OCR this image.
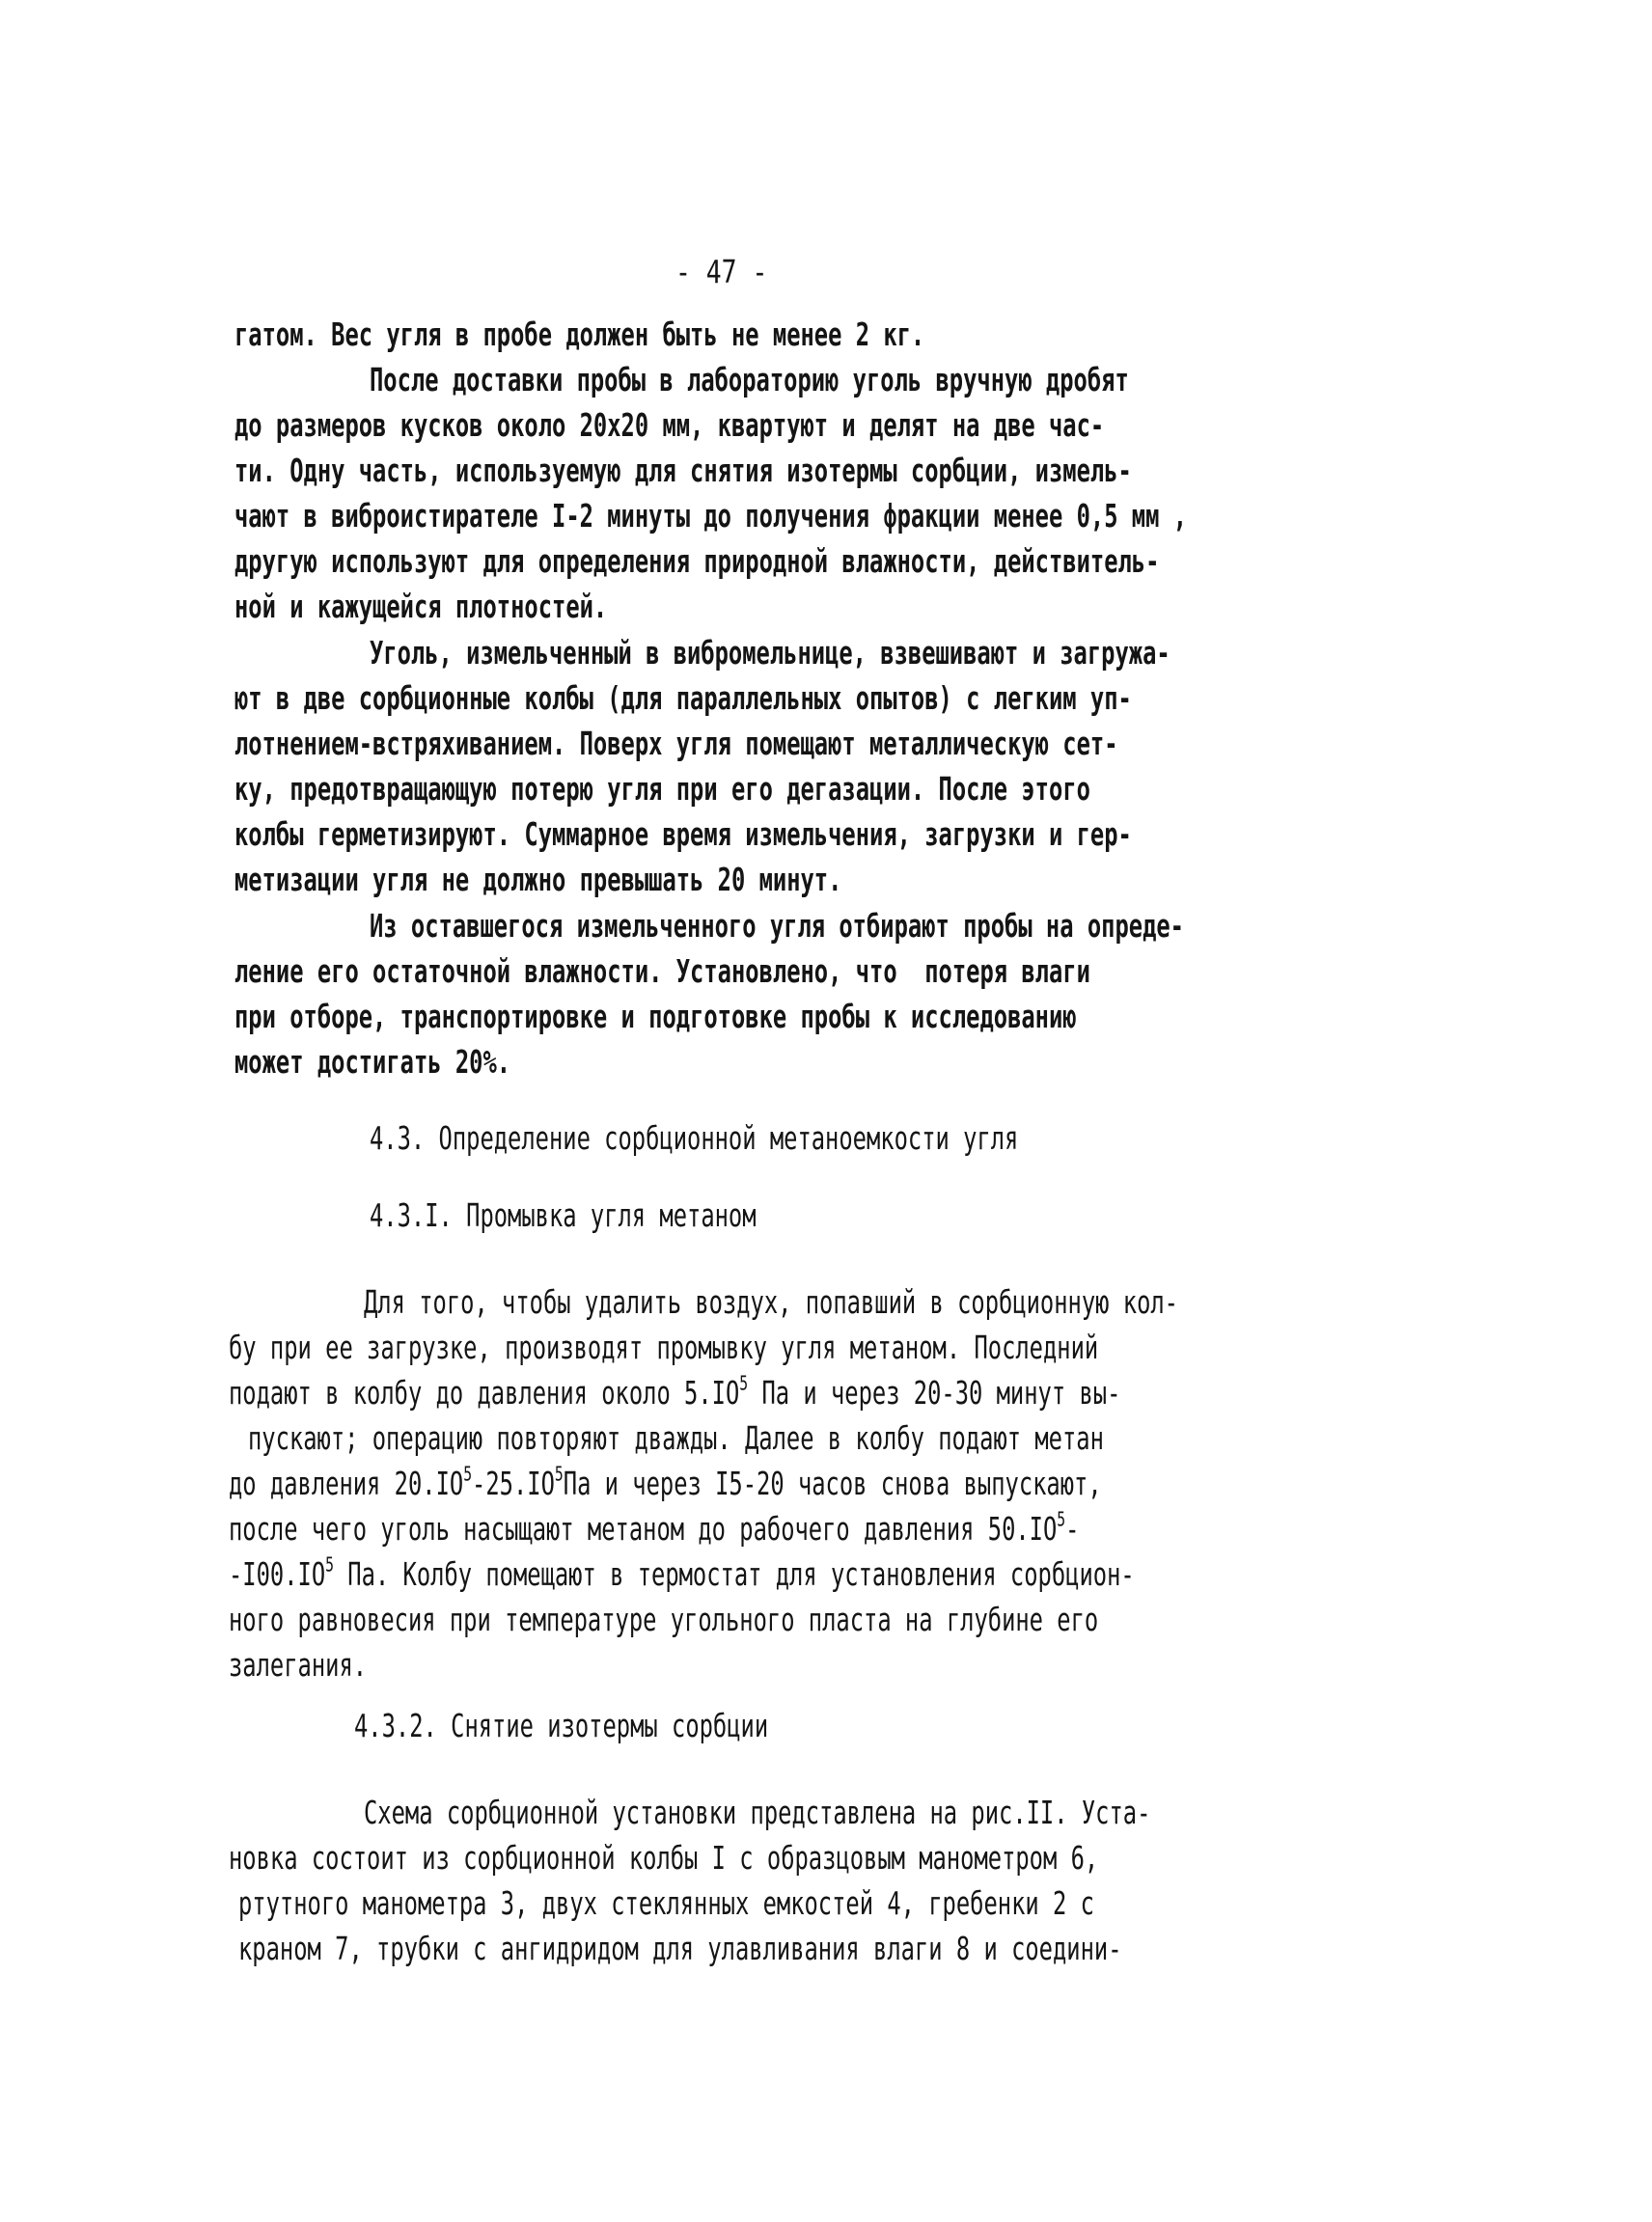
- 47 -
гатом. Вес угля в пробе должен быть не менее 2 кг.
После доставки пробы в лабораторию уголь вручную дробят
до размеров кусков около 20х20 мм, квартуют и делят на две час-
ти. Одну часть, используемую для снятия изотермы сорбции, измель-
чают в виброистирателе I-2 минуты до получения фракции менее 0,5 мм ,
другую используют для определения природной влажности, действитель-
ной и кажущейся плотностей.
Уголь, измельченный в вибромельнице, взвешивают и загружа-
ют в две сорбционные колбы (для параллельных опытов) с легким уп-
лотнением-встряхиванием. Поверх угля помещают металлическую сет-
ку, предотвращающую потерю угля при его дегазации. После этого
колбы герметизируют. Суммарное время измельчения, загрузки и гер-
метизации угля не должно превышать 20 минут.
Из оставшегося измельченного угля отбирают пробы на опреде-
ление его остаточной влажности. Установлено, что  потеря влаги
при отборе, транспортировке и подготовке пробы к исследованию
может достигать 20%.
4.3. Определение сорбционной метаноемкости угля
4.3.I. Промывка угля метаном
Для того, чтобы удалить воздух, попавший в сорбционную кол-
бу при ее загрузке, производят промывку угля метаном. Последний
подают в колбу до давления около $5.IO^5$ Па и через 20-30 минут вы-
пускают; операцию повторяют дважды. Далее в колбу подают метан
до давления $20.IO^5-25.IO^5Па$ и через I5-20 часов снова выпускают,
после чего уголь насыщают метаном до рабочего давления $50.IO^5-$
$-I00.IO^5$ Па. Колбу помещают в термостат для установления сорбцион-
ного равновесия при температуре угольного пласта на глубине его
залегания.
4.3.2. Снятие изотермы сорбции
Схема сорбционной установки представлена на рис.II. Уста-
новка состоит из сорбционной колбы I с образцовым манометром 6,
ртутного манометра 3, двух стеклянных емкостей 4, гребенки 2 с
краном 7, трубки с ангидридом для улавливания влаги 8 и соедини-
